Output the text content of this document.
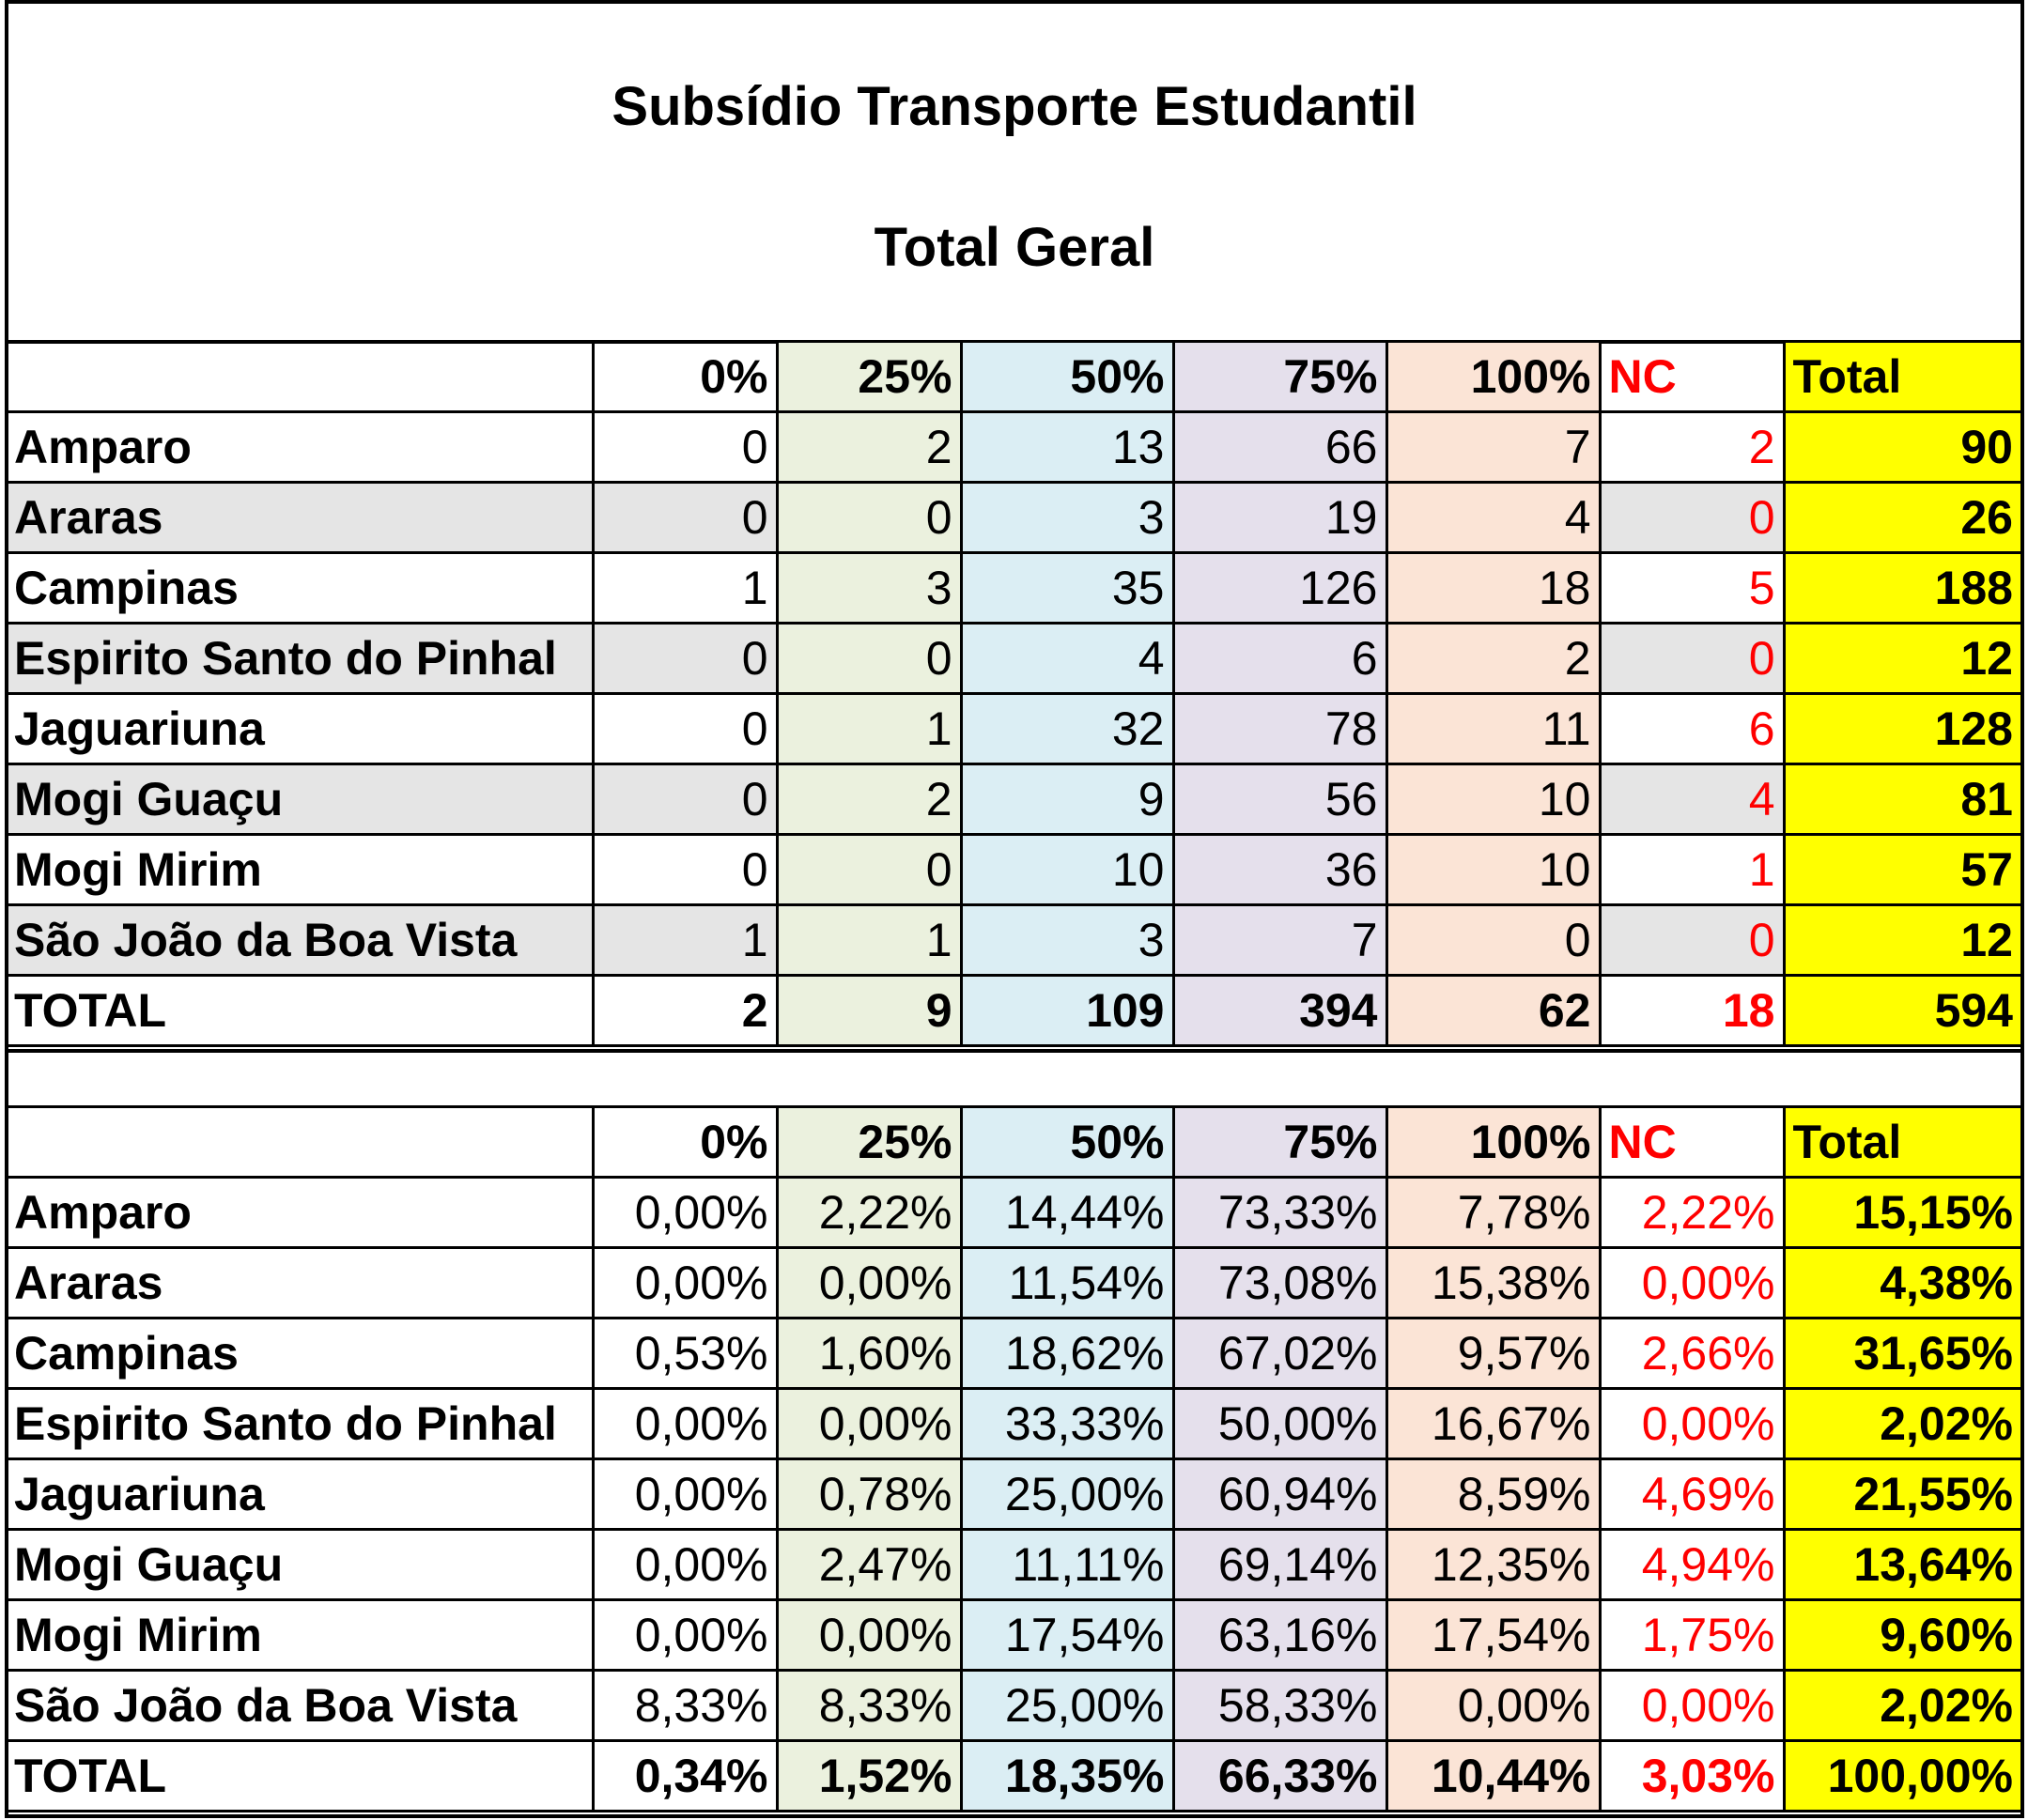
Subsídio Transporte Estudantil
Total Geral
	0%	25%	50%	75%	100%	NC	Total
Amparo	0	2	13	66	7	2	90
Araras	0	0	3	19	4	0	26
Campinas	1	3	35	126	18	5	188
Espirito Santo do Pinhal	0	0	4	6	2	0	12
Jaguariuna	0	1	32	78	11	6	128
Mogi Guaçu	0	2	9	56	10	4	81
Mogi Mirim	0	0	10	36	10	1	57
São João da Boa Vista	1	1	3	7	0	0	12
TOTAL	2	9	109	394	62	18	594
	0%	25%	50%	75%	100%	NC	Total
Amparo	0,00%	2,22%	14,44%	73,33%	7,78%	2,22%	15,15%
Araras	0,00%	0,00%	11,54%	73,08%	15,38%	0,00%	4,38%
Campinas	0,53%	1,60%	18,62%	67,02%	9,57%	2,66%	31,65%
Espirito Santo do Pinhal	0,00%	0,00%	33,33%	50,00%	16,67%	0,00%	2,02%
Jaguariuna	0,00%	0,78%	25,00%	60,94%	8,59%	4,69%	21,55%
Mogi Guaçu	0,00%	2,47%	11,11%	69,14%	12,35%	4,94%	13,64%
Mogi Mirim	0,00%	0,00%	17,54%	63,16%	17,54%	1,75%	9,60%
São João da Boa Vista	8,33%	8,33%	25,00%	58,33%	0,00%	0,00%	2,02%
TOTAL	0,34%	1,52%	18,35%	66,33%	10,44%	3,03%	100,00%
